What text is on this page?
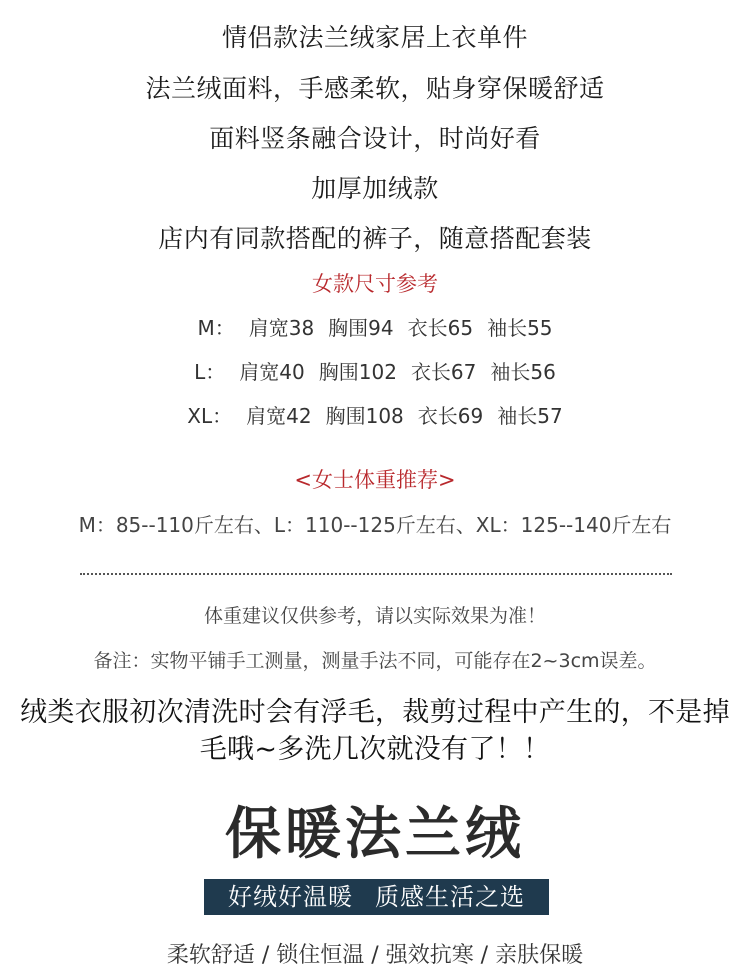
情侣款法兰绒家居上衣单件
法兰绒面料，手感柔软，贴身穿保暖舒适
面料竖条融合设计，时尚好看
加厚加绒款
店内有同款搭配的裤子，随意搭配套装
女款尺寸参考
M： 肩宽38 胸围94 衣长65 袖长55
L： 肩宽40 胸围102 衣长67 袖长56
XL： 肩宽42 胸围108 衣长69 袖长57
<女士体重推荐>
M：85--110斤左右、L：110--125斤左右、XL：125--140斤左右
体重建议仅供参考，请以实际效果为准！
备注：实物平铺手工测量，测量手法不同，可能存在2~3cm误差。
绒类衣服初次清洗时会有浮毛，裁剪过程中产生的，不是掉
毛哦~多洗几次就没有了！！
保暖法兰绒
好绒好温暖 质感生活之选
柔软舒适 / 锁住恒温 / 强效抗寒 / 亲肤保暖
